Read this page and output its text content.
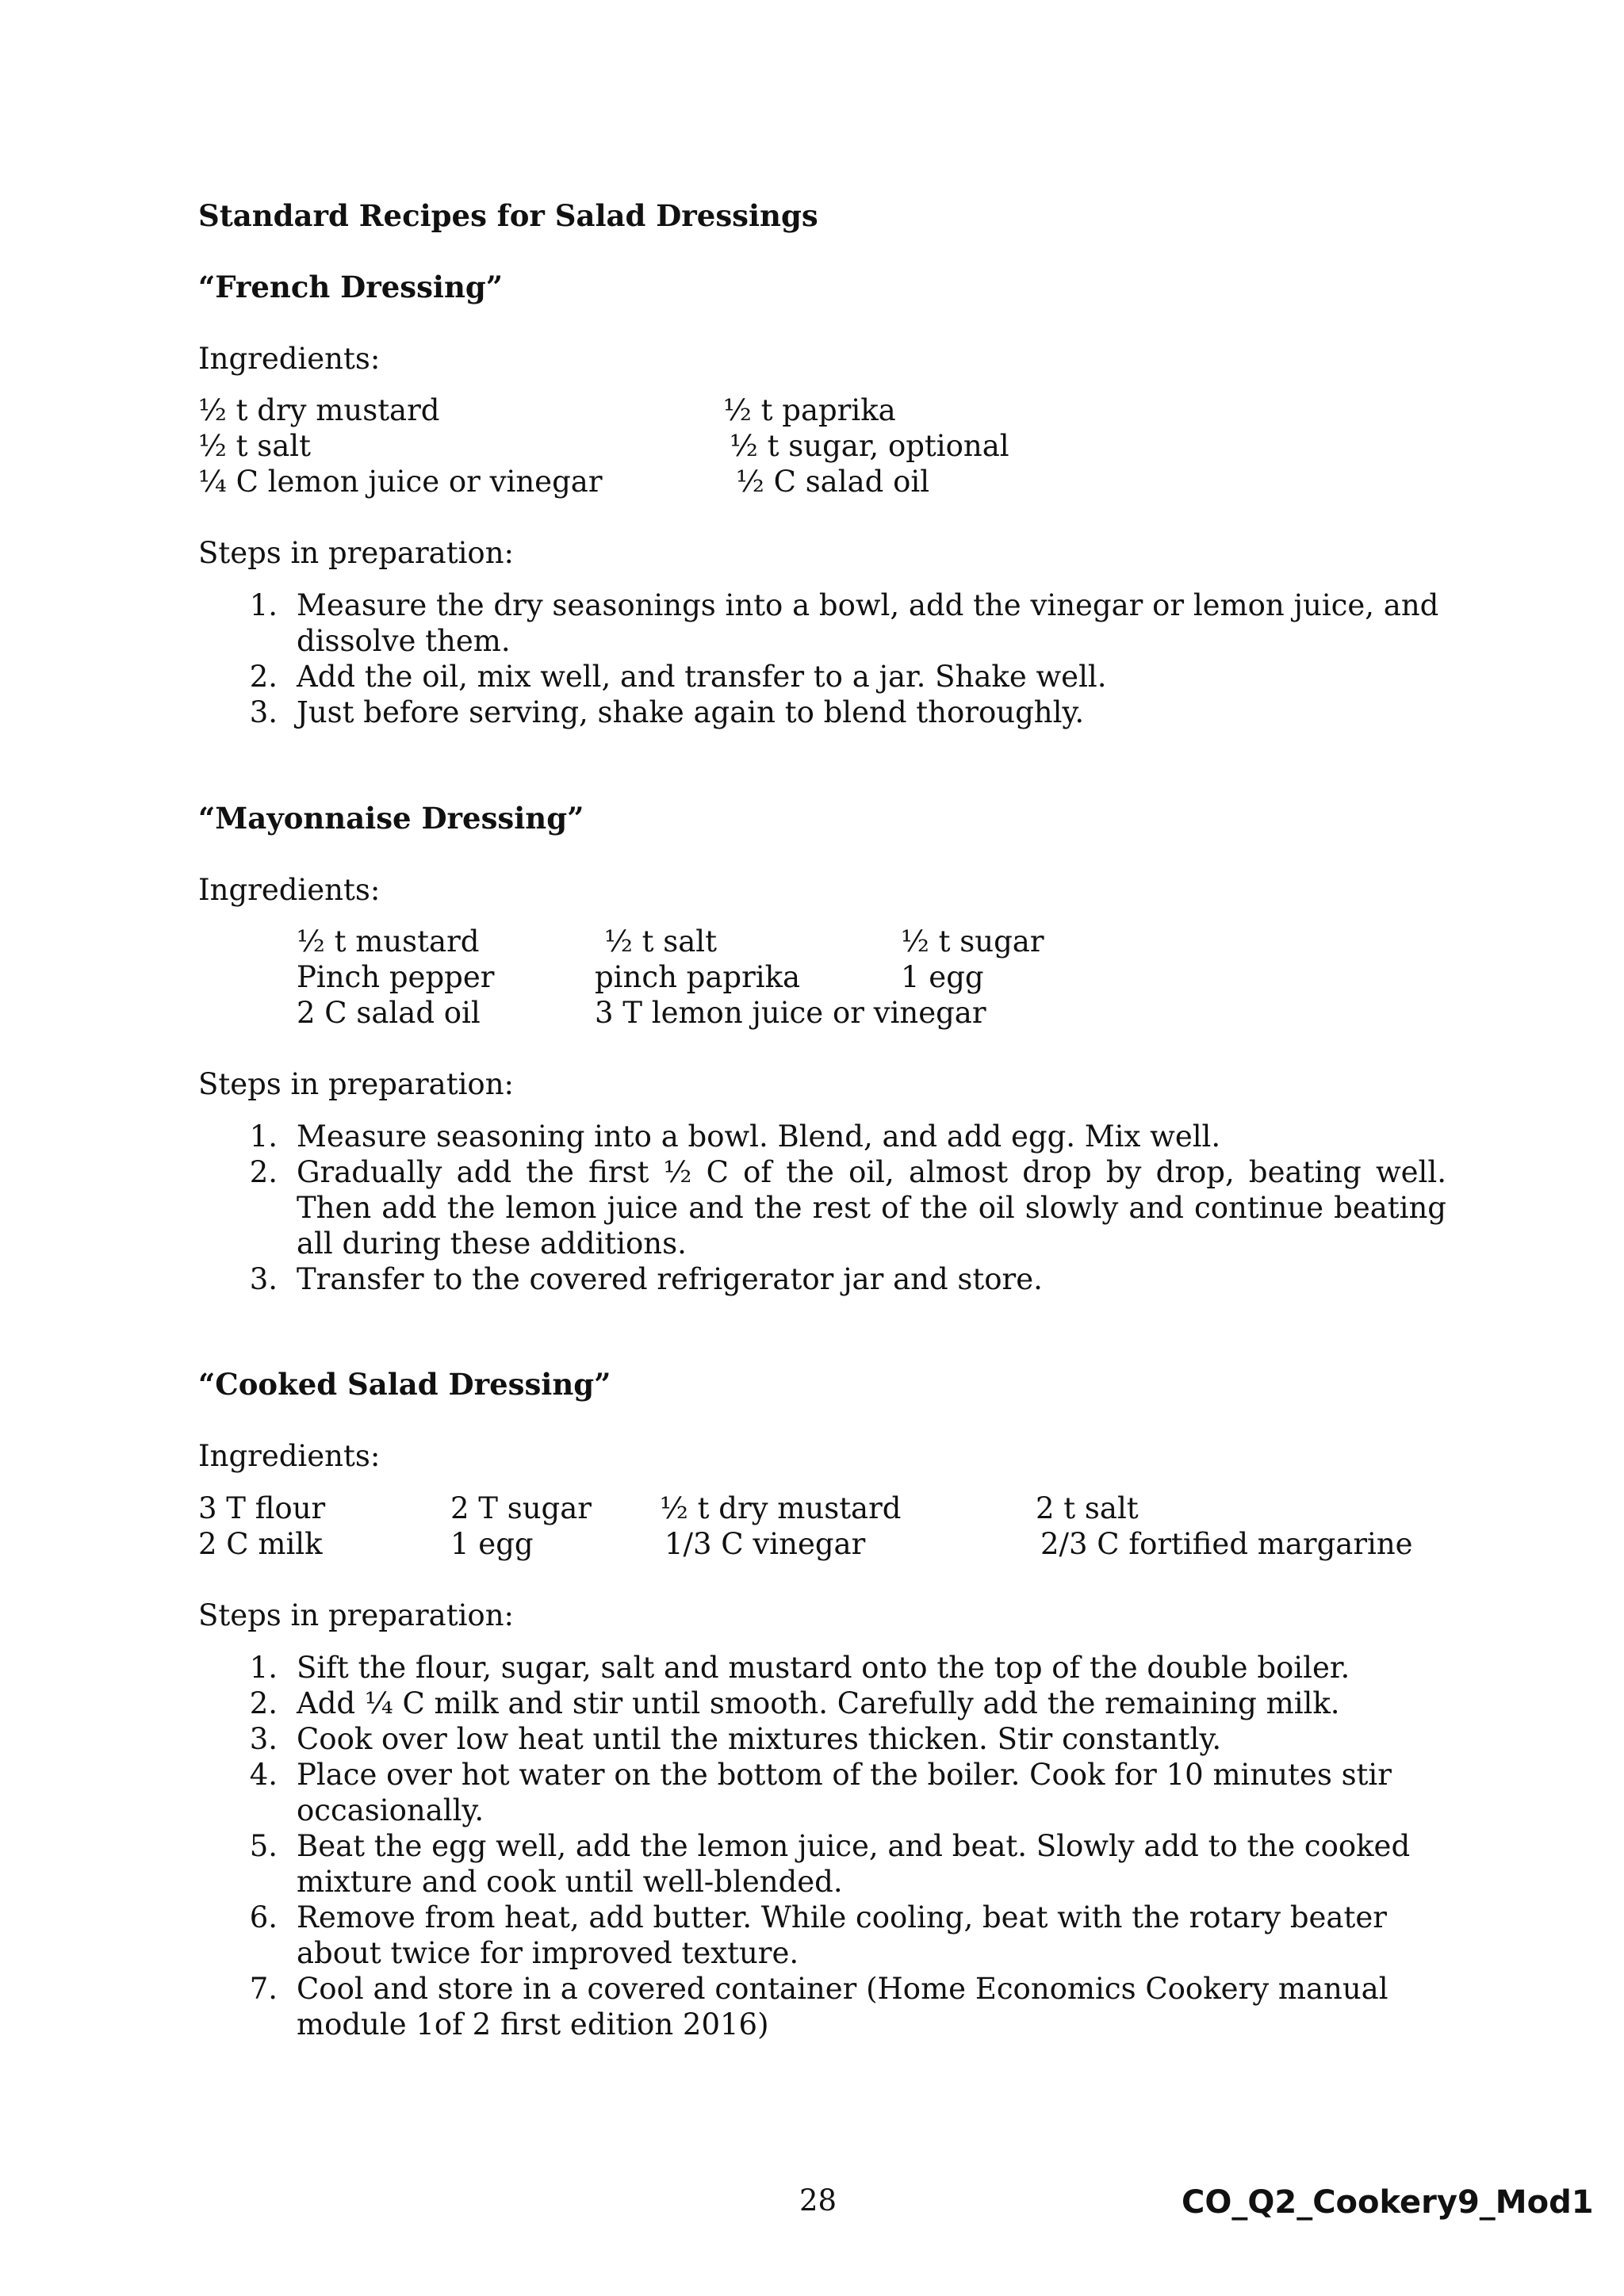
Standard Recipes for Salad Dressings
“French Dressing”
Ingredients:
½ t dry mustard	½ t paprika
½ t salt	½ t sugar, optional
¼ C lemon juice or vinegar	½ C salad oil
Steps in preparation:
1. Measure the dry seasonings into a bowl, add the vinegar or lemon juice, and dissolve them.
2. Add the oil, mix well, and transfer to a jar. Shake well.
3. Just before serving, shake again to blend thoroughly.
“Mayonnaise Dressing”
Ingredients:
½ t mustard	½ t salt	½ t sugar
Pinch pepper	pinch paprika	1 egg
2 C salad oil	3 T lemon juice or vinegar
Steps in preparation:
1. Measure seasoning into a bowl. Blend, and add egg. Mix well.
2. Gradually add the first ½ C of the oil, almost drop by drop, beating well. Then add the lemon juice and the rest of the oil slowly and continue beating all during these additions.
3. Transfer to the covered refrigerator jar and store.
“Cooked Salad Dressing”
Ingredients:
3 T flour	2 T sugar ½ t dry mustard	2 t salt
2 C milk	1 egg	1/3 C vinegar	2/3 C fortified margarine
Steps in preparation:
1. Sift the flour, sugar, salt and mustard onto the top of the double boiler.
2. Add ¼ C milk and stir until smooth. Carefully add the remaining milk.
3. Cook over low heat until the mixtures thicken. Stir constantly.
4. Place over hot water on the bottom of the boiler. Cook for 10 minutes stir occasionally.
5. Beat the egg well, add the lemon juice, and beat. Slowly add to the cooked mixture and cook until well-blended.
6. Remove from heat, add butter. While cooling, beat with the rotary beater about twice for improved texture.
7. Cool and store in a covered container (Home Economics Cookery manual module 1of 2 first edition 2016)
28	CO_Q2_Cookery9_Mod1
